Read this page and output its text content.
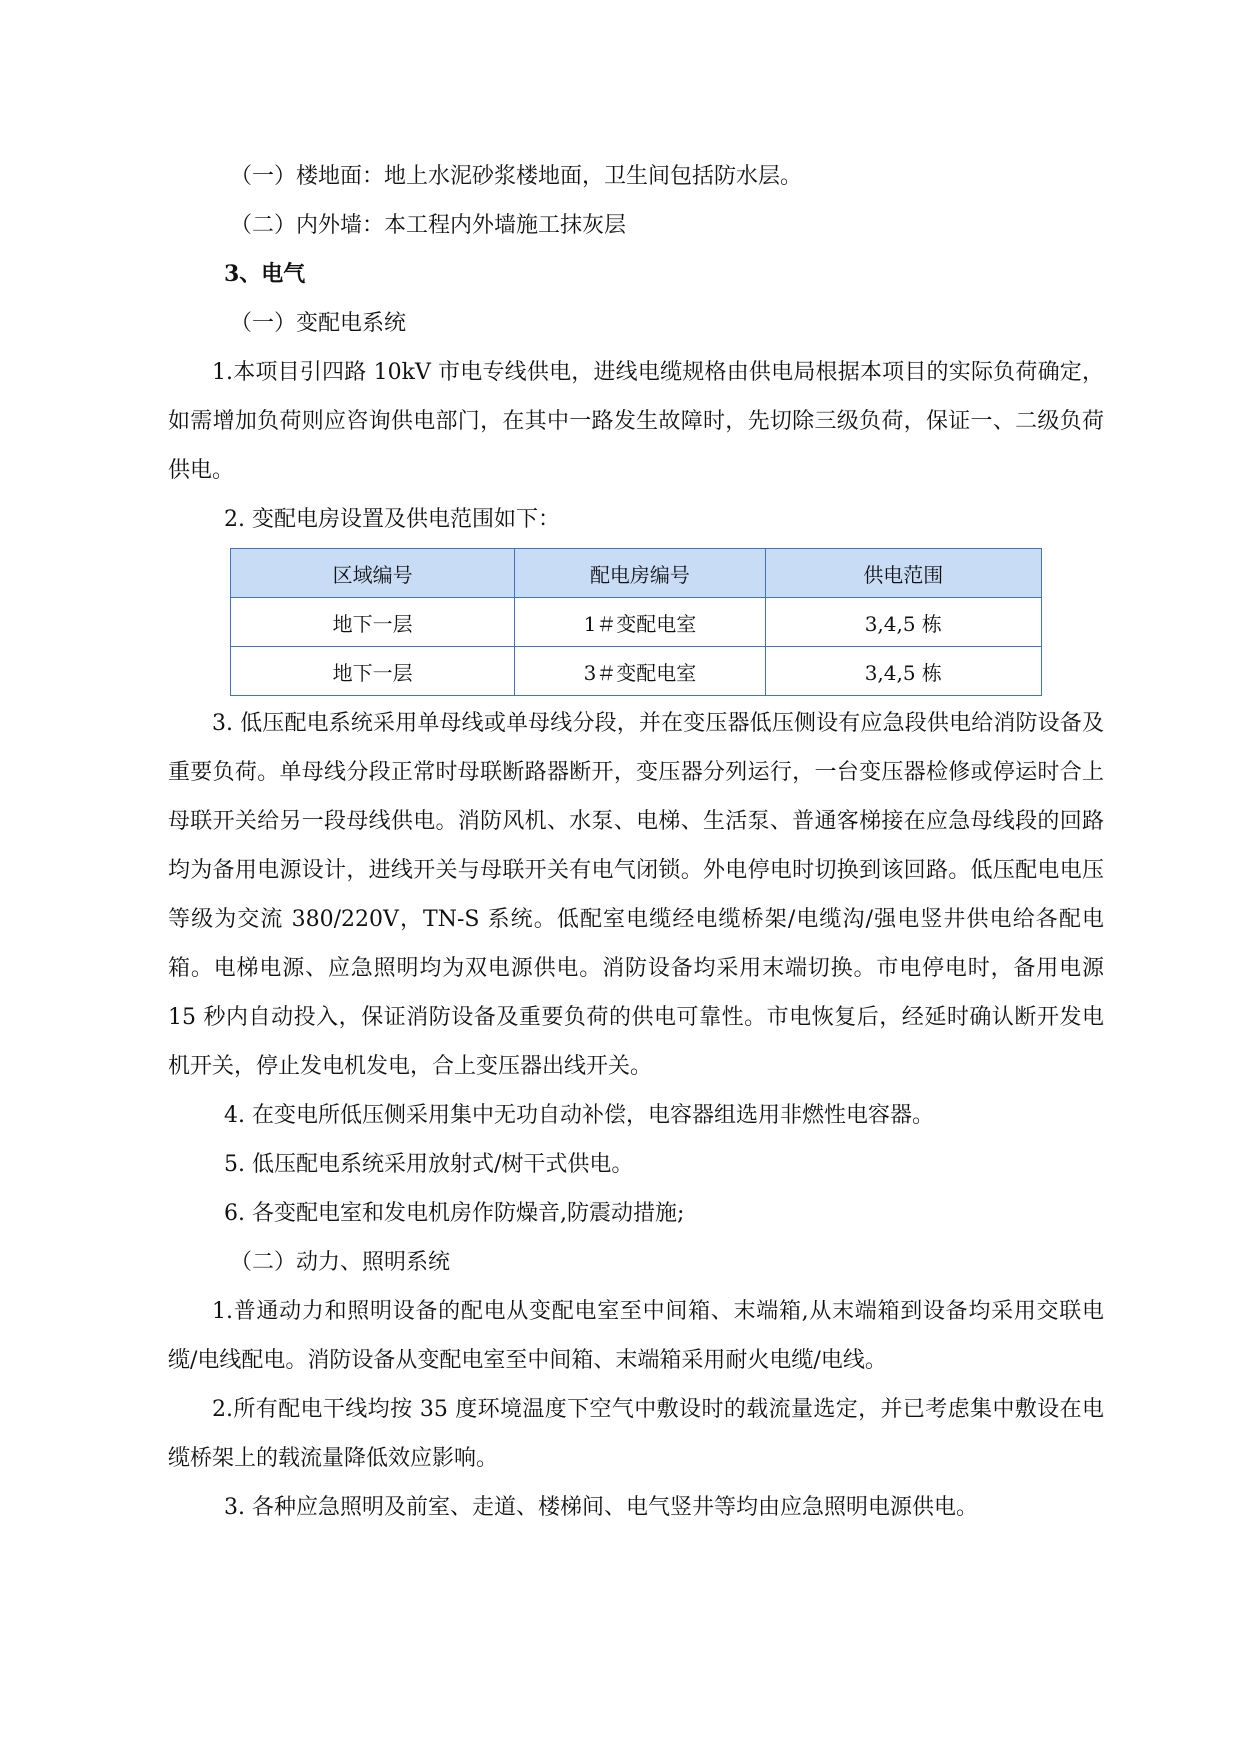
（一）楼地面：地上水泥砂浆楼地面，卫生间包括防水层。

（二）内外墙：本工程内外墙施工抹灰层

3、电气

（一）变配电系统

1.本项目引四路 10kV 市电专线供电，进线电缆规格由供电局根据本项目的实际负荷确定，如需增加负荷则应咨询供电部门，在其中一路发生故障时，先切除三级负荷，保证一、二级负荷供电。

2. 变配电房设置及供电范围如下：

区域编号	配电房编号	供电范围
地下一层	1＃变配电室	3,4,5 栋
地下一层	3＃变配电室	3,4,5 栋

3. 低压配电系统采用单母线或单母线分段，并在变压器低压侧设有应急段供电给消防设备及重要负荷。单母线分段正常时母联断路器断开，变压器分列运行，一台变压器检修或停运时合上母联开关给另一段母线供电。消防风机、水泵、电梯、生活泵、普通客梯接在应急母线段的回路均为备用电源设计，进线开关与母联开关有电气闭锁。外电停电时切换到该回路。低压配电电压等级为交流 380/220V，TN-S 系统。低配室电缆经电缆桥架/电缆沟/强电竖井供电给各配电箱。电梯电源、应急照明均为双电源供电。消防设备均采用末端切换。市电停电时，备用电源 15 秒内自动投入，保证消防设备及重要负荷的供电可靠性。市电恢复后，经延时确认断开发电机开关，停止发电机发电，合上变压器出线开关。

4. 在变电所低压侧采用集中无功自动补偿，电容器组选用非燃性电容器。

5. 低压配电系统采用放射式/树干式供电。

6. 各变配电室和发电机房作防燥音,防震动措施;

（二）动力、照明系统

1.普通动力和照明设备的配电从变配电室至中间箱、末端箱,从末端箱到设备均采用交联电缆/电线配电。消防设备从变配电室至中间箱、末端箱采用耐火电缆/电线。

2.所有配电干线均按 35 度环境温度下空气中敷设时的载流量选定，并已考虑集中敷设在电缆桥架上的载流量降低效应影响。

3. 各种应急照明及前室、走道、楼梯间、电气竖井等均由应急照明电源供电。
